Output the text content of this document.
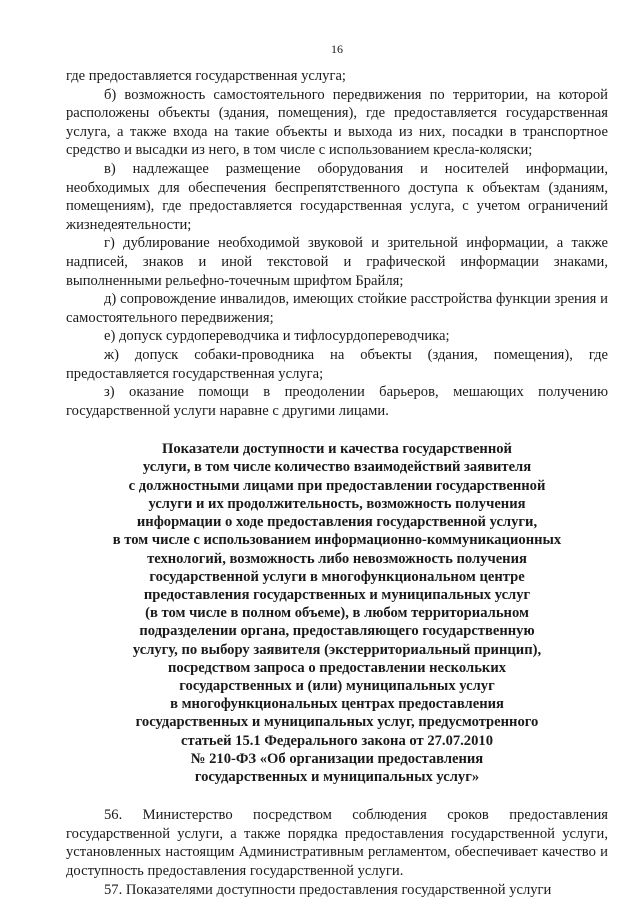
16

где предоставляется государственная услуга;

б) возможность самостоятельного передвижения по территории, на которой расположены объекты (здания, помещения), где предоставляется государственная услуга, а также входа на такие объекты и выхода из них, посадки в транспортное средство и высадки из него, в том числе с использованием кресла-коляски;

в) надлежащее размещение оборудования и носителей информации, необходимых для обеспечения беспрепятственного доступа к объектам (зданиям, помещениям), где предоставляется государственная услуга, с учетом ограничений жизнедеятельности;

г) дублирование необходимой звуковой и зрительной информации, а также надписей, знаков и иной текстовой и графической информации знаками, выполненными рельефно-точечным шрифтом Брайля;

д) сопровождение инвалидов, имеющих стойкие расстройства функции зрения и самостоятельного передвижения;

е) допуск сурдопереводчика и тифлосурдопереводчика;

ж) допуск собаки-проводника на объекты (здания, помещения), где предоставляется государственная услуга;

з) оказание помощи в преодолении барьеров, мешающих получению государственной услуги наравне с другими лицами.

Показатели доступности и качества государственной
услуги, в том числе количество взаимодействий заявителя
с должностными лицами при предоставлении государственной
услуги и их продолжительность, возможность получения
информации о ходе предоставления государственной услуги,
в том числе с использованием информационно-коммуникационных
технологий, возможность либо невозможность получения
государственной услуги в многофункциональном центре
предоставления государственных и муниципальных услуг
(в том числе в полном объеме), в любом территориальном
подразделении органа, предоставляющего государственную
услугу, по выбору заявителя (экстерриториальный принцип),
посредством запроса о предоставлении нескольких
государственных и (или) муниципальных услуг
в многофункциональных центрах предоставления
государственных и муниципальных услуг, предусмотренного
статьей 15.1 Федерального закона от 27.07.2010
№ 210-ФЗ «Об организации предоставления
государственных и муниципальных услуг»

56. Министерство посредством соблюдения сроков предоставления государственной услуги, а также порядка предоставления государственной услуги, установленных настоящим Административным регламентом, обеспечивает качество и доступность предоставления государственной услуги.

57. Показателями доступности предоставления государственной услуги
